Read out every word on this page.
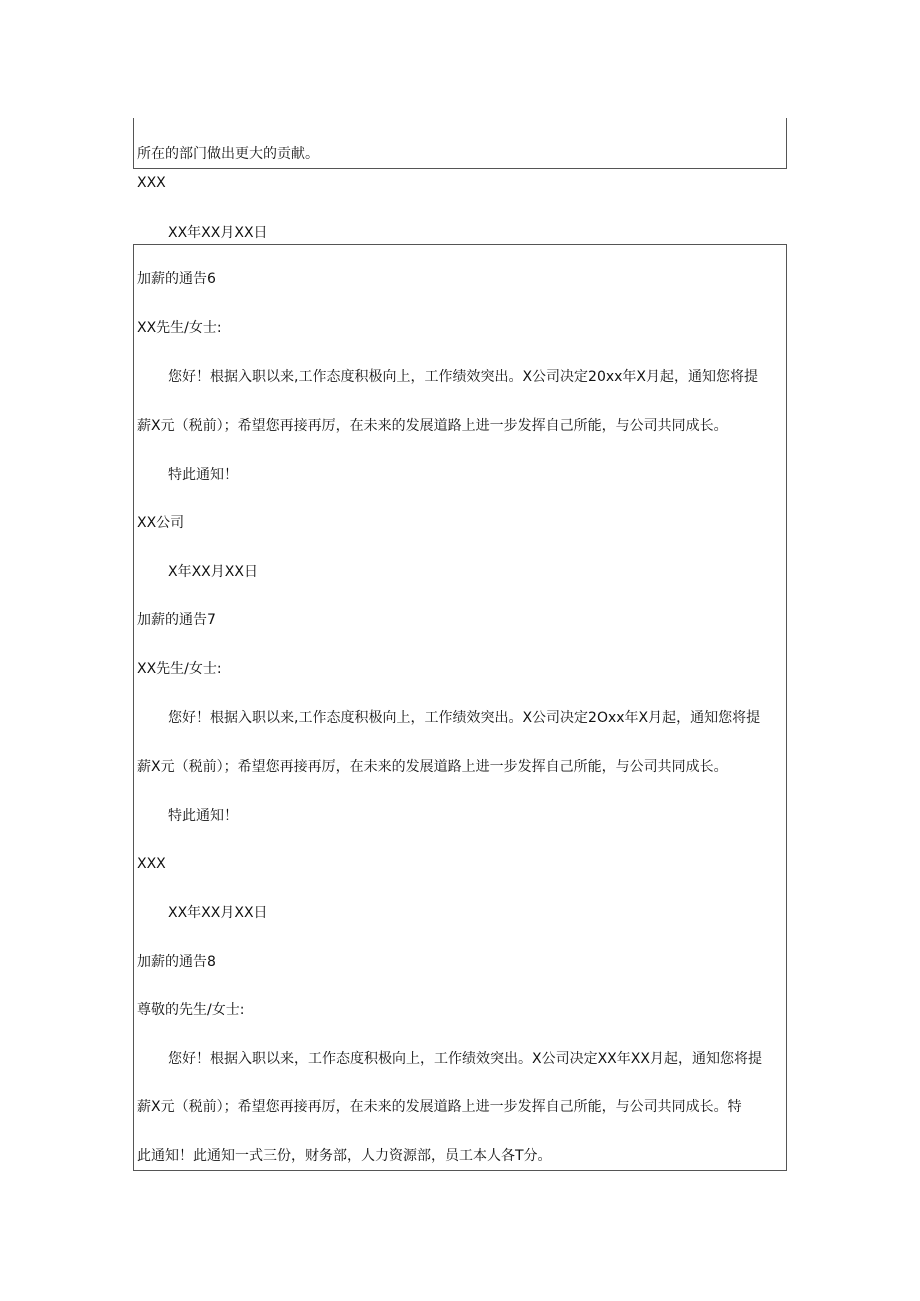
所在的部门做出更大的贡献。
XXX
XX年XX月XX日
加薪的通告6
XX先生/女士:
您好！根据入职以来,工作态度积极向上，工作绩效突出。X公司决定20xx年X月起，通知您将提
薪X元（税前）；希望您再接再厉，在未来的发展道路上进一步发挥自己所能，与公司共同成长。
特此通知！
XX公司
X年XX月XX日
加薪的通告7
XX先生/女士:
您好！根据入职以来,工作态度积极向上，工作绩效突出。X公司决定2Oxx年X月起，通知您将提
薪X元（税前）；希望您再接再厉，在未来的发展道路上进一步发挥自己所能，与公司共同成长。
特此通知！
XXX
XX年XX月XX日
加薪的通告8
尊敬的先生/女士:
您好！根据入职以来，工作态度积极向上，工作绩效突出。X公司决定XX年XX月起，通知您将提
薪X元（税前）；希望您再接再厉，在未来的发展道路上进一步发挥自己所能，与公司共同成长。特
此通知！此通知一式三份，财务部，人力资源部，员工本人各T分。
